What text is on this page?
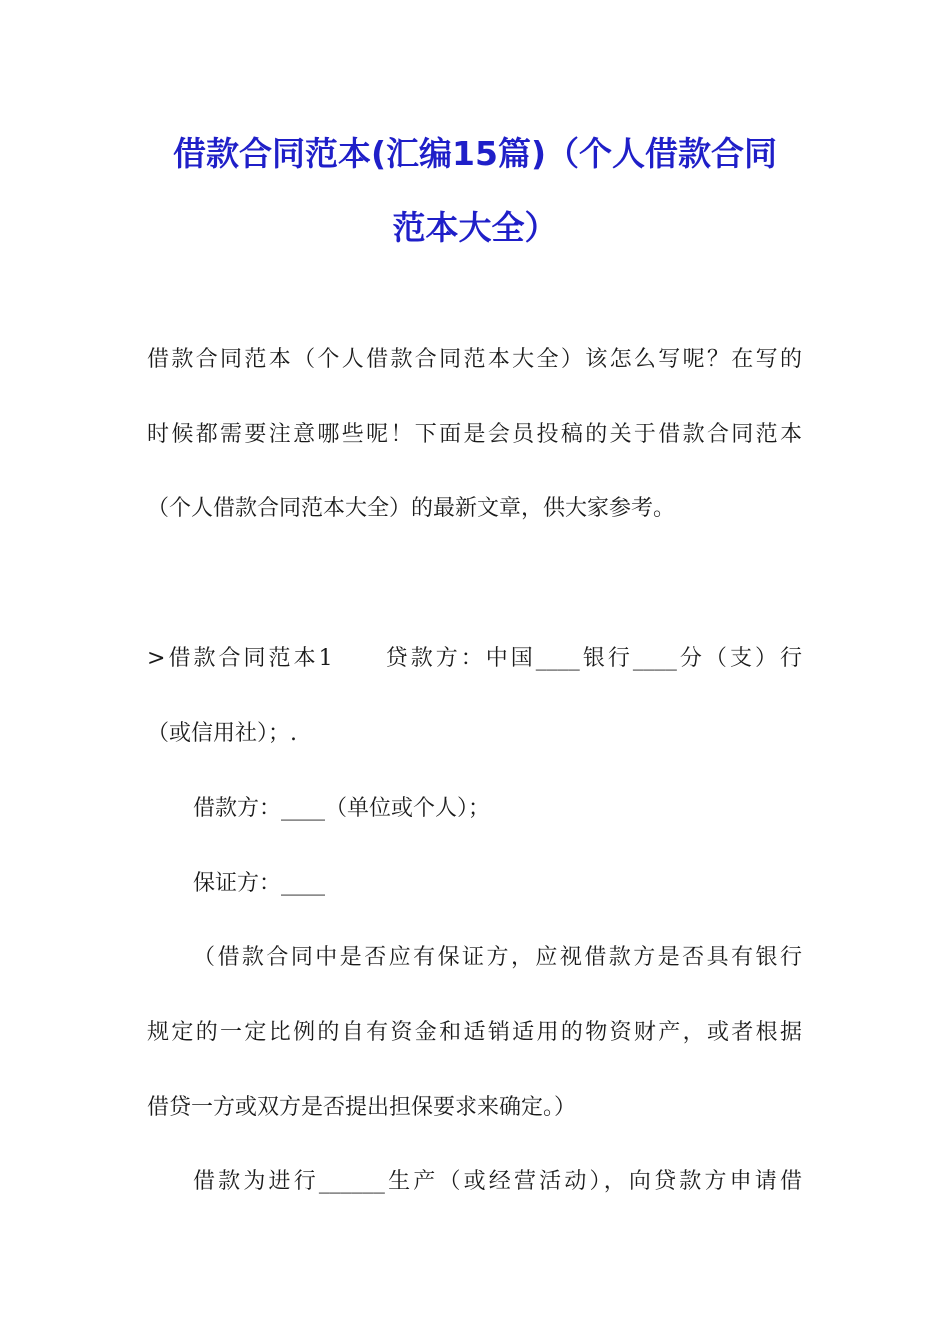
借款合同范本(汇编15篇)（个人借款合同
范本大全）

借款合同范本（个人借款合同范本大全）该怎么写呢？在写的

时候都需要注意哪些呢！下面是会员投稿的关于借款合同范本

（个人借款合同范本大全）的最新文章，供大家参考。

>借款合同范本1　　贷款方：中国____银行____分（支）行

（或信用社）；.

借款方：____（单位或个人）；

保证方：____

（借款合同中是否应有保证方，应视借款方是否具有银行

规定的一定比例的自有资金和适销适用的物资财产，或者根据

借贷一方或双方是否提出担保要求来确定。）

借款为进行______生产（或经营活动），向贷款方申请借
